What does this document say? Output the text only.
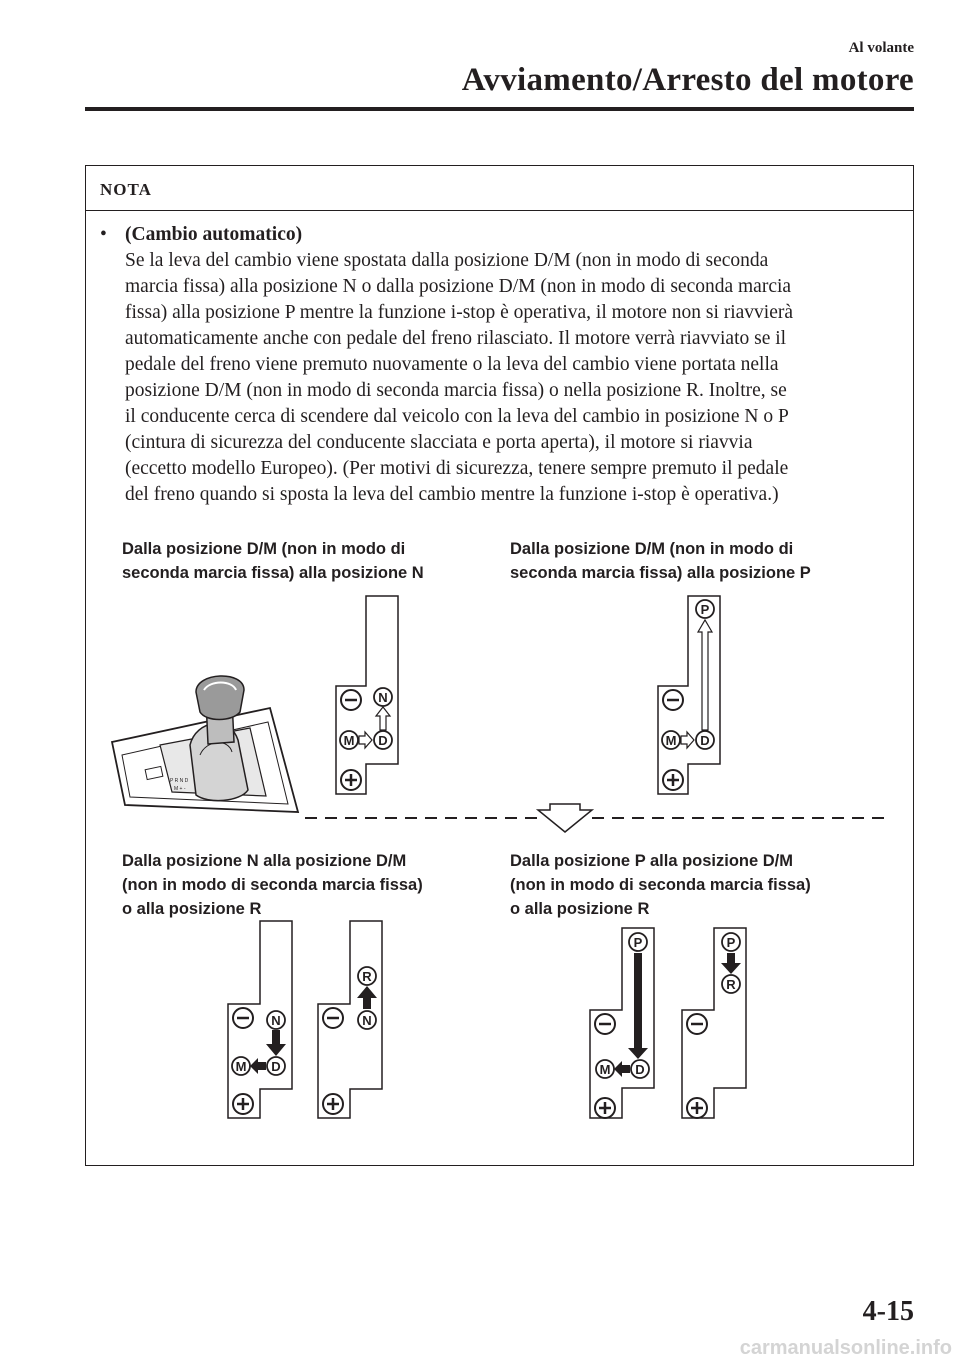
Al volante
Avviamento/Arresto del motore
NOTA
• (Cambio automatico)
Se la leva del cambio viene spostata dalla posizione D/M (non in modo di seconda
marcia fissa) alla posizione N o dalla posizione D/M (non in modo di seconda marcia
fissa) alla posizione P mentre la funzione i-stop è operativa, il motore non si riavvierà
automaticamente anche con pedale del freno rilasciato. Il motore verrà riavviato se il
pedale del freno viene premuto nuovamente o la leva del cambio viene portata nella
posizione D/M (non in modo di seconda marcia fissa) o nella posizione R. Inoltre, se
il conducente cerca di scendere dal veicolo con la leva del cambio in posizione N o P
(cintura di sicurezza del conducente slacciata e porta aperta), il motore si riavvia
(eccetto modello Europeo). (Per motivi di sicurezza, tenere sempre premuto il pedale
del freno quando si sposta la leva del cambio mentre la funzione i-stop è operativa.)
Dalla posizione D/M (non in modo di
seconda marcia fissa) alla posizione N
Dalla posizione D/M (non in modo di
seconda marcia fissa) alla posizione P
Dalla posizione N alla posizione D/M
(non in modo di seconda marcia fissa)
o alla posizione R
Dalla posizione P alla posizione D/M
(non in modo di seconda marcia fissa)
o alla posizione R
P R N D
M + -
N
D
M
P
D
M
N
D
M
R
N
P
D
M
P
R
4-15
carmanualsonline.info
